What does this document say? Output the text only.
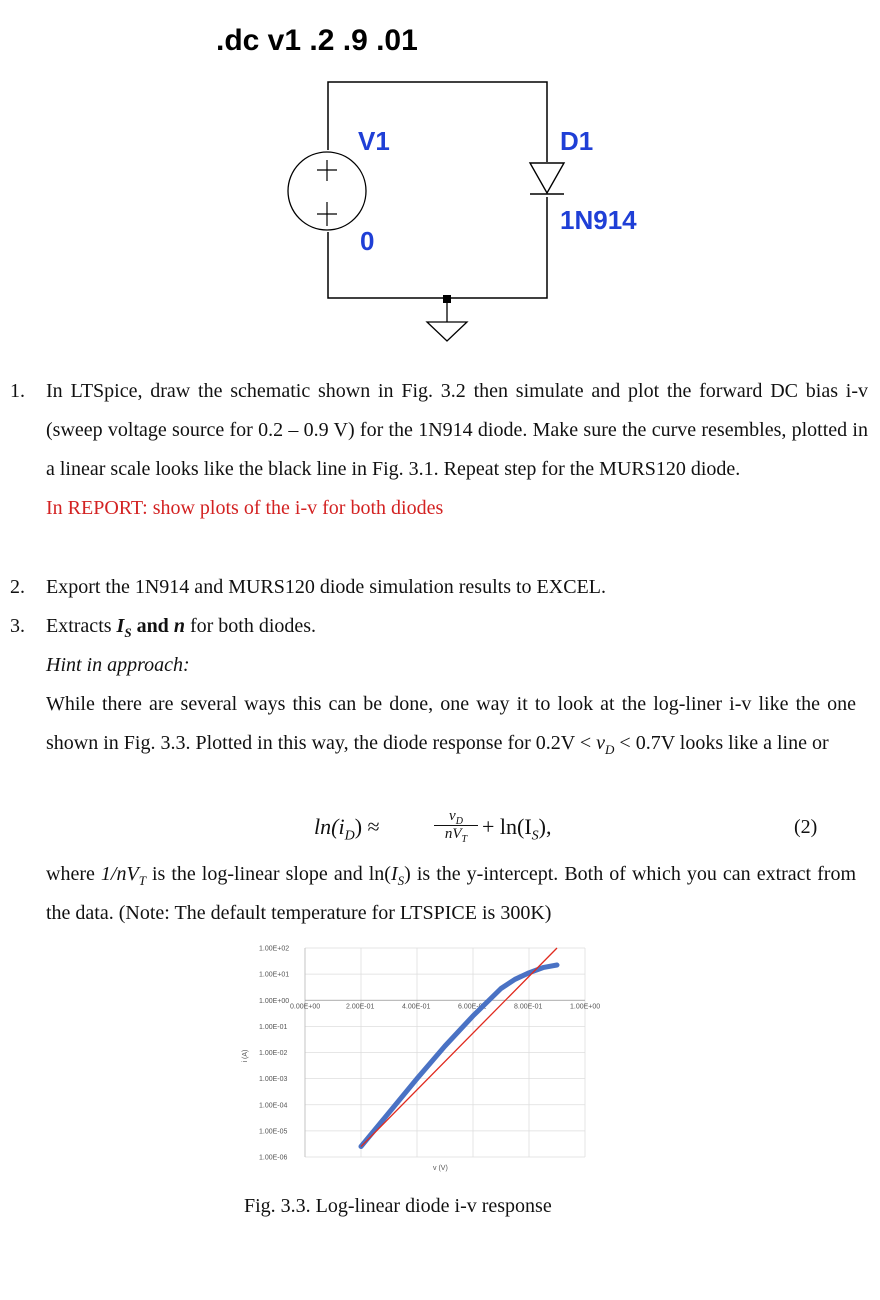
.dc v1 .2 .9 .01
V1
0
D1
1N914
1. In LTSpice, draw the schematic shown in Fig. 3.2 then simulate and plot the forward DC bias i-v (sweep voltage source for 0.2 – 0.9 V) for the 1N914 diode. Make sure the curve resembles, plotted in a linear scale looks like the black line in Fig. 3.1. Repeat step for the MURS120 diode.
In REPORT: show plots of the i-v for both diodes
2. Export the 1N914 and MURS120 diode simulation results to EXCEL.
3. Extracts $I_S$ and n for both diodes.
Hint in approach:
While there are several ways this can be done, one way it to look at the log-liner i-v like the one shown in Fig. 3.3. Plotted in this way, the diode response for $0.2V < v_D < 0.7V$ looks like a line or
$\ln(i_D)$ ≈	$v_D$
$nV_T$
+ $\ln(I_S)$,	(2)
where $1/nV_T$ is the log-linear slope and $\ln(I_S)$ is the y-intercept. Both of which you can extract from the data. (Note: The default temperature for LTSPICE is 300K)
1.00E+02
1.00E+01
1.00E+00
1.00E-01
1.00E-02
1.00E-03
1.00E-04
1.00E-05
1.00E-06
0.00E+00	2.00E-01	4.00E-01	6.00E-01	8.00E-01	1.00E+00
v (V)
i (A)
Fig. 3.3. Log-linear diode i-v response
